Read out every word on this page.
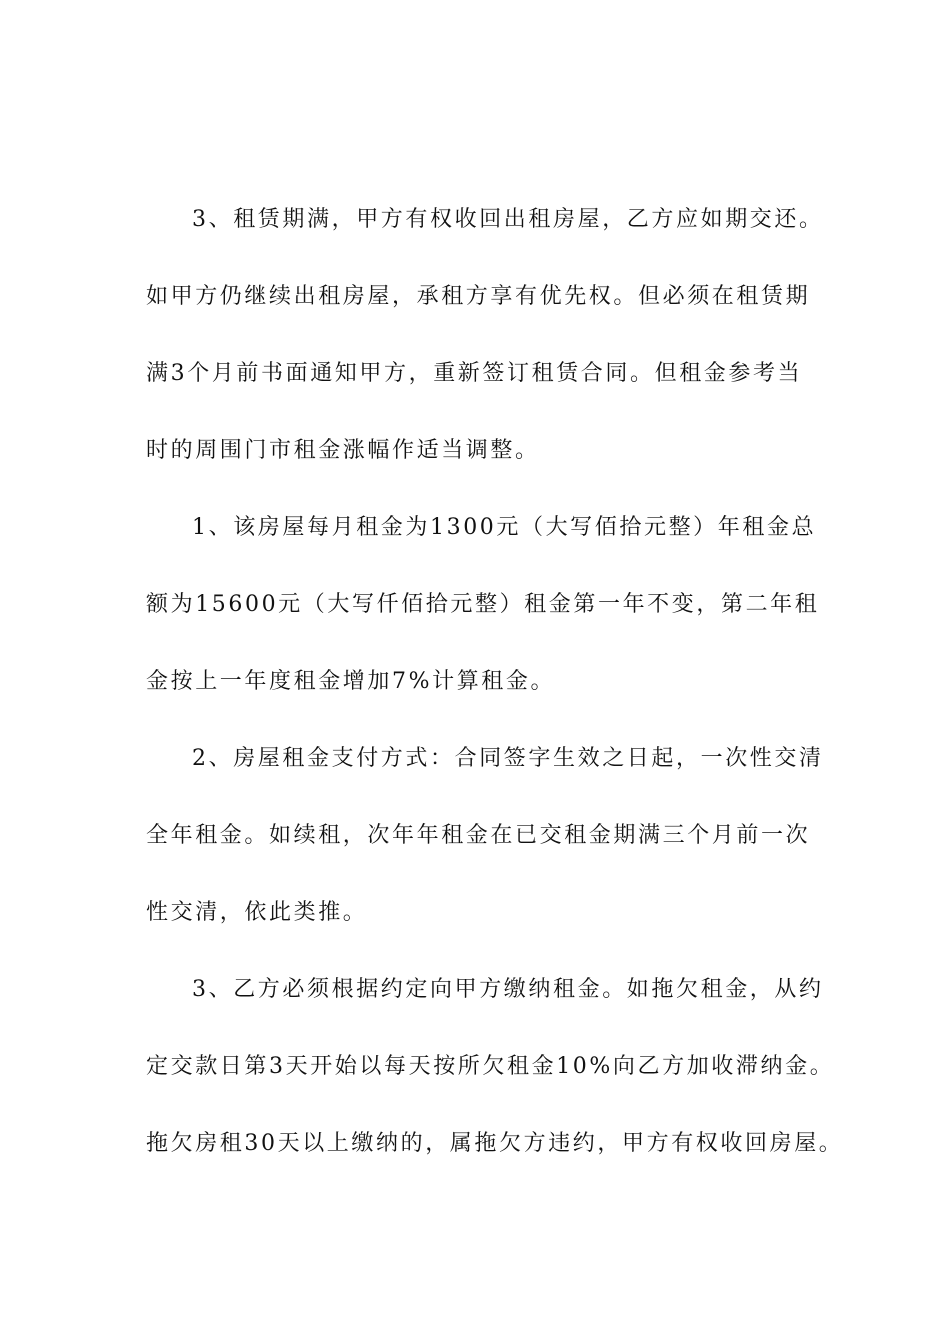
3、租赁期满，甲方有权收回出租房屋，乙方应如期交还。
如甲方仍继续出租房屋，承租方享有优先权。但必须在租赁期
满3个月前书面通知甲方，重新签订租赁合同。但租金参考当
时的周围门市租金涨幅作适当调整。
1、该房屋每月租金为1300元（大写佰拾元整）年租金总
额为15600元（大写仟佰拾元整）租金第一年不变，第二年租
金按上一年度租金增加7%计算租金。
2、房屋租金支付方式：合同签字生效之日起，一次性交清
全年租金。如续租，次年年租金在已交租金期满三个月前一次
性交清，依此类推。
3、乙方必须根据约定向甲方缴纳租金。如拖欠租金，从约
定交款日第3天开始以每天按所欠租金10%向乙方加收滞纳金。
拖欠房租30天以上缴纳的，属拖欠方违约，甲方有权收回房屋。
